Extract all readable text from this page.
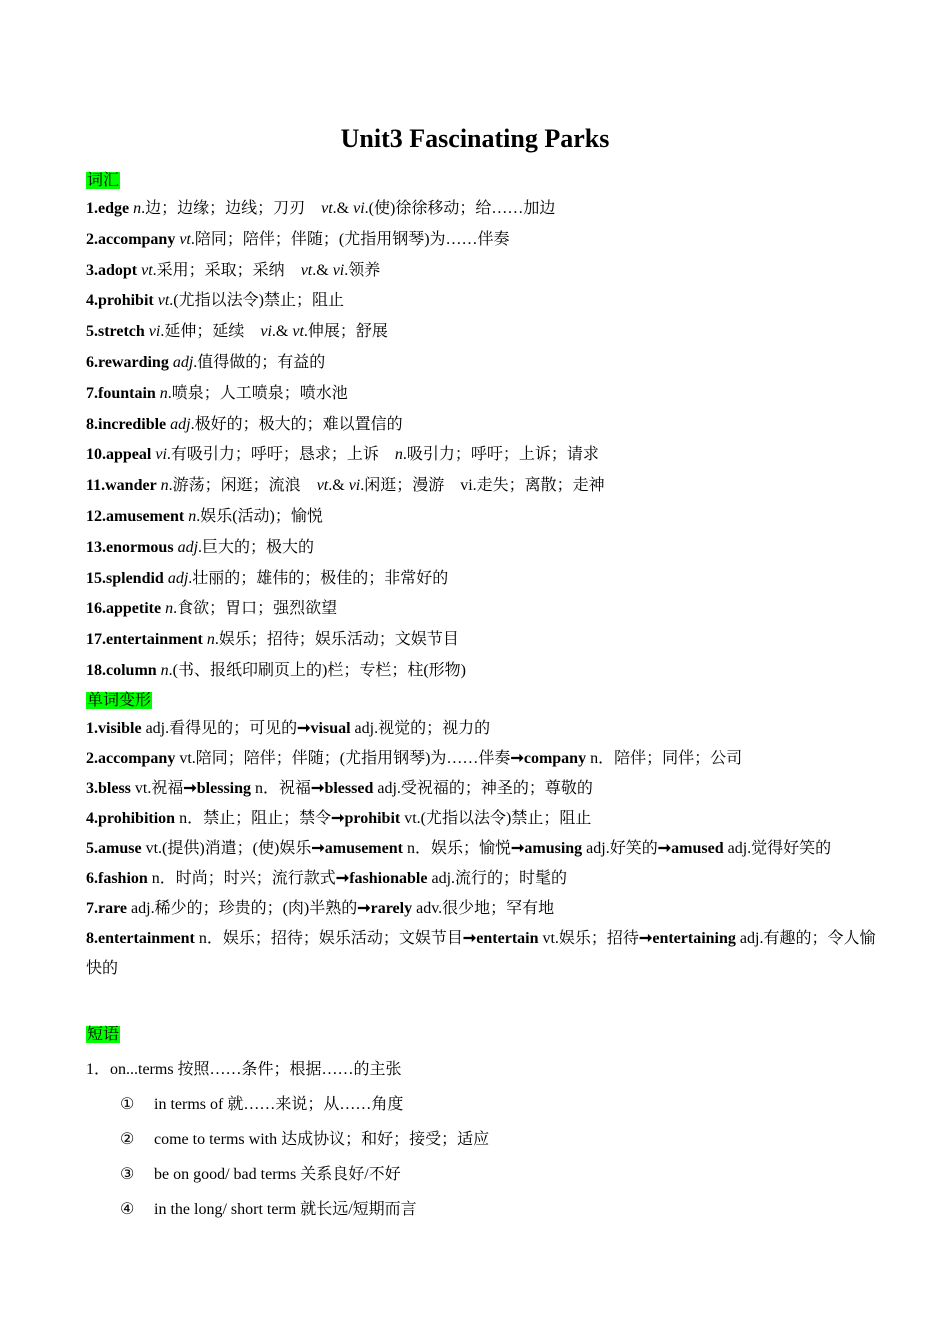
Unit3 Fascinating Parks
词汇
1.edge n.边；边缘；边线；刀刃　vt.& vi.(使)徐徐移动；给……加边
2.accompany vt.陪同；陪伴；伴随；(尤指用钢琴)为……伴奏
3.adopt vt.采用；采取；采纳　vt.& vi.领养
4.prohibit vt.(尤指以法令)禁止；阻止
5.stretch vi.延伸；延续　vi.& vt.伸展；舒展
6.rewarding adj.值得做的；有益的
7.fountain n.喷泉；人工喷泉；喷水池
8.incredible adj.极好的；极大的；难以置信的
10.appeal vi.有吸引力；呼吁；恳求；上诉　n.吸引力；呼吁；上诉；请求
11.wander n.游荡；闲逛；流浪　vt.& vi.闲逛；漫游　vi.走失；离散；走神
12.amusement n.娱乐(活动)；愉悦
13.enormous adj.巨大的；极大的
15.splendid adj.壮丽的；雄伟的；极佳的；非常好的
16.appetite n.食欲；胃口；强烈欲望
17.entertainment n.娱乐；招待；娱乐活动；文娱节目
18.column n.(书、报纸印刷页上的)栏；专栏；柱(形物)
单词变形
1.visible adj.看得见的；可见的➞visual adj.视觉的；视力的
2.accompany vt.陪同；陪伴；伴随；(尤指用钢琴)为……伴奏➞company n．陪伴；同伴；公司
3.bless vt.祝福➞blessing n．祝福➞blessed adj.受祝福的；神圣的；尊敬的
4.prohibition n．禁止；阻止；禁令➞prohibit vt.(尤指以法令)禁止；阻止
5.amuse vt.(提供)消遣；(使)娱乐➞amusement n．娱乐；愉悦➞amusing adj.好笑的➞amused adj.觉得好笑的
6.fashion n．时尚；时兴；流行款式➞fashionable adj.流行的；时髦的
7.rare adj.稀少的；珍贵的；(肉)半熟的➞rarely adv.很少地；罕有地
8.entertainment n．娱乐；招待；娱乐活动；文娱节目➞entertain vt.娱乐；招待➞entertaining adj.有趣的；令人愉快的
短语
1．on...terms 按照……条件；根据……的主张
① in terms of 就……来说；从……角度
② come to terms with 达成协议；和好；接受；适应
③ be on good/ bad terms 关系良好/不好
④ in the long/ short term 就长远/短期而言
